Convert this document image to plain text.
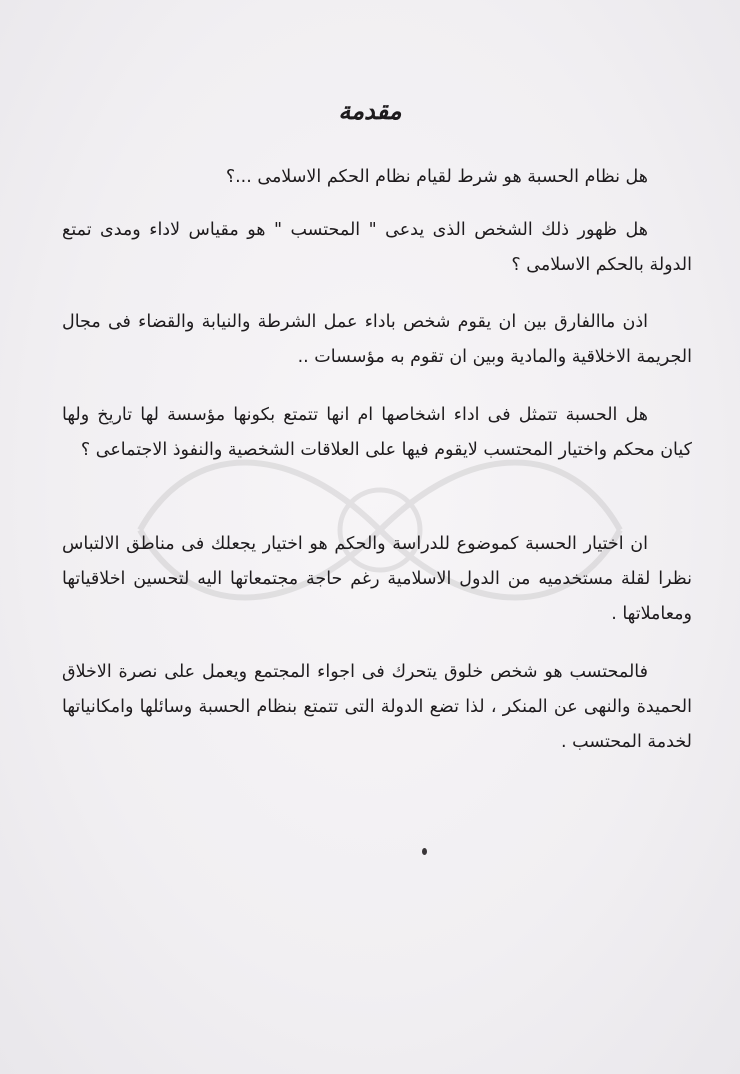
مقدمة

هل نظام الحسبة هو شرط لقيام نظام الحكم الاسلامى ...؟

هل ظهور ذلك الشخص الذى يدعى " المحتسب " هو مقياس لاداء ومدى تمتع الدولة بالحكم الاسلامى ؟

اذن ماالفارق بين ان يقوم شخص باداء عمل الشرطة والنيابة والقضاء فى مجال الجريمة الاخلاقية والمادية وبين ان تقوم به مؤسسات ..

هل الحسبة تتمثل فى اداء اشخاصها ام انها تتمتع بكونها مؤسسة لها تاريخ ولها كيان محكم واختيار المحتسب لايقوم فيها على العلاقات الشخصية والنفوذ الاجتماعى ؟

ان اختيار الحسبة كموضوع للدراسة والحكم هو اختيار يجعلك فى مناطق الالتباس نظرا لقلة مستخدميه من الدول الاسلامية رغم حاجة مجتمعاتها اليه لتحسين اخلاقياتها ومعاملاتها .

فالمحتسب هو شخص خلوق يتحرك فى اجواء المجتمع ويعمل على نصرة الاخلاق الحميدة والنهى عن المنكر ، لذا تضع الدولة التى تتمتع بنظام الحسبة وسائلها وامكانياتها لخدمة المحتسب .
